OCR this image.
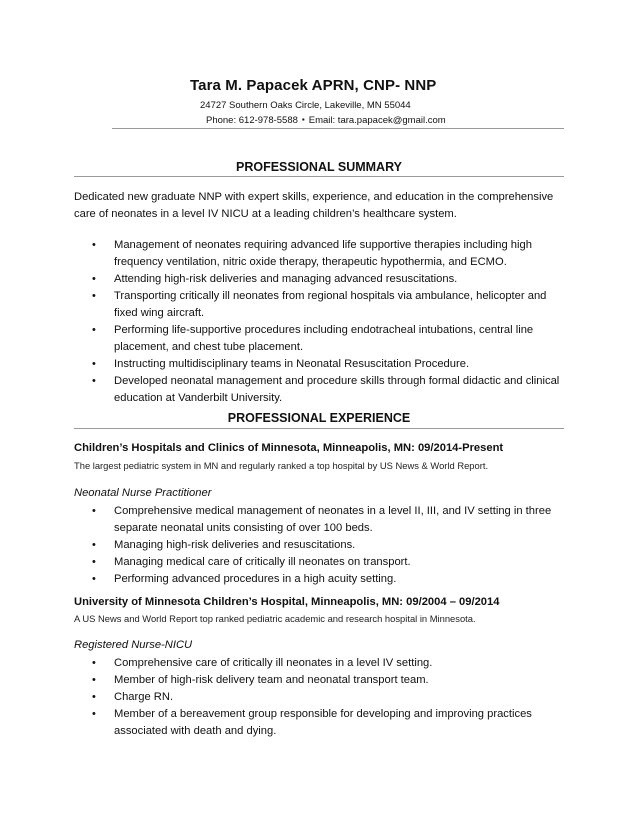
Tara M. Papacek APRN, CNP- NNP
24727 Southern Oaks Circle, Lakeville, MN 55044
Phone: 612-978-5588 ▪ Email: tara.papacek@gmail.com
PROFESSIONAL SUMMARY
Dedicated new graduate NNP with expert skills, experience, and education in the comprehensive care of neonates in a level IV NICU at a leading children’s healthcare system.
• Management of neonates requiring advanced life supportive therapies including high frequency ventilation, nitric oxide therapy, therapeutic hypothermia, and ECMO.
• Attending high-risk deliveries and managing advanced resuscitations.
• Transporting critically ill neonates from regional hospitals via ambulance, helicopter and fixed wing aircraft.
• Performing life-supportive procedures including endotracheal intubations, central line placement, and chest tube placement.
• Instructing multidisciplinary teams in Neonatal Resuscitation Procedure.
• Developed neonatal management and procedure skills through formal didactic and clinical education at Vanderbilt University.
PROFESSIONAL EXPERIENCE
Children’s Hospitals and Clinics of Minnesota, Minneapolis, MN: 09/2014-Present
The largest pediatric system in MN and regularly ranked a top hospital by US News & World Report.
Neonatal Nurse Practitioner
• Comprehensive medical management of neonates in a level II, III, and IV setting in three separate neonatal units consisting of over 100 beds.
• Managing high-risk deliveries and resuscitations.
• Managing medical care of critically ill neonates on transport.
• Performing advanced procedures in a high acuity setting.
University of Minnesota Children’s Hospital, Minneapolis, MN: 09/2004 – 09/2014
A US News and World Report top ranked pediatric academic and research hospital in Minnesota.
Registered Nurse-NICU
• Comprehensive care of critically ill neonates in a level IV setting.
• Member of high-risk delivery team and neonatal transport team.
• Charge RN.
• Member of a bereavement group responsible for developing and improving practices associated with death and dying.
